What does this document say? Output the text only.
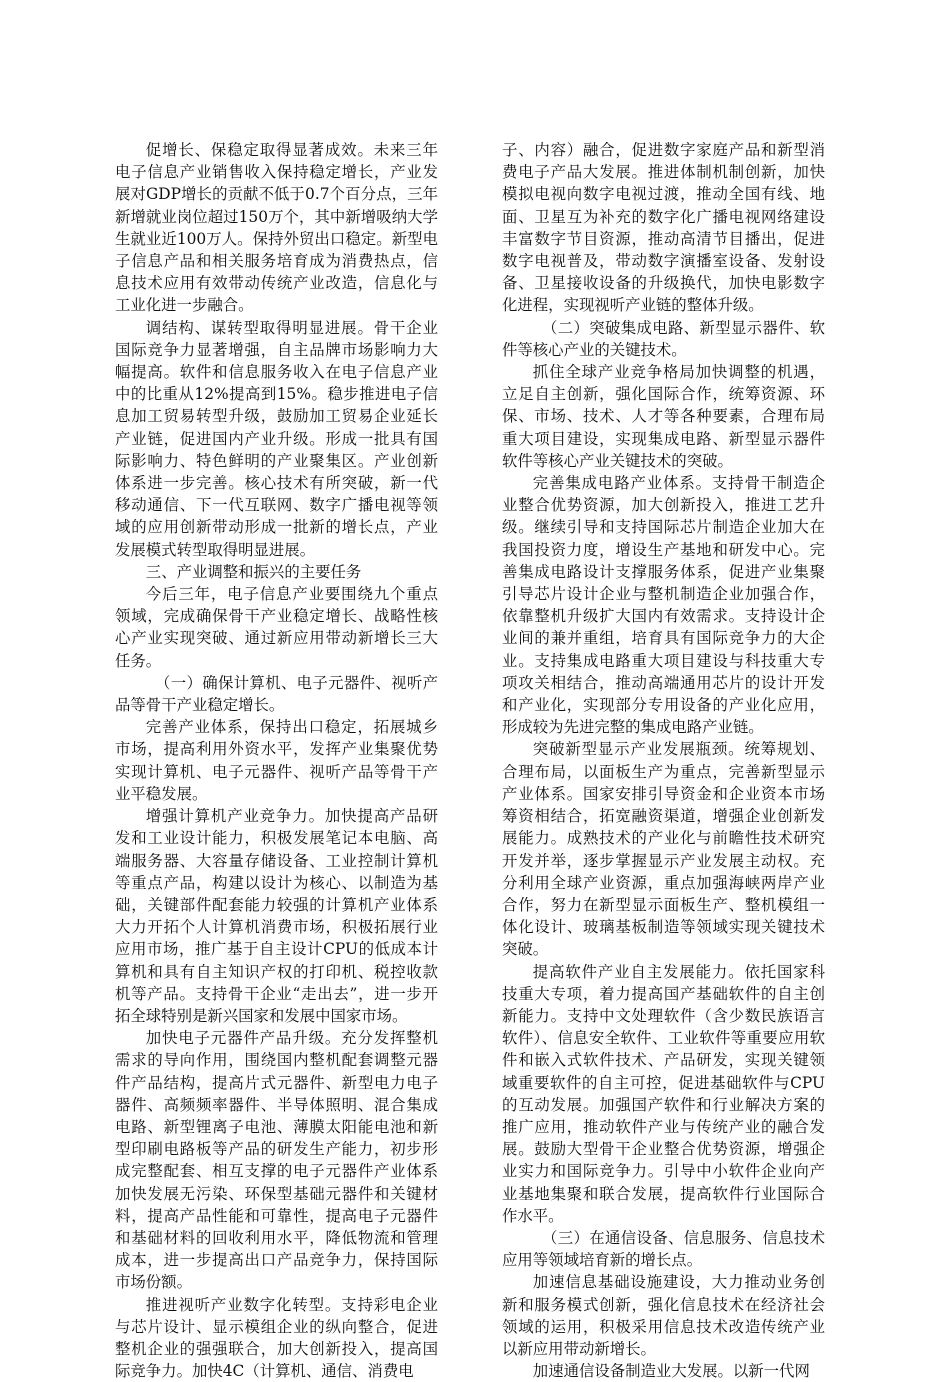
促增长、保稳定取得显著成效。未来三年电子信息产业销售收入保持稳定增长，产业发展对GDP增长的贡献不低于0.7个百分点，三年新增就业岗位超过150万个，其中新增吸纳大学生就业近100万人。保持外贸出口稳定。新型电子信息产品和相关服务培育成为消费热点，信息技术应用有效带动传统产业改造，信息化与工业化进一步融合。

调结构、谋转型取得明显进展。骨干企业国际竞争力显著增强，自主品牌市场影响力大幅提高。软件和信息服务收入在电子信息产业中的比重从12%提高到15%。稳步推进电子信息加工贸易转型升级，鼓励加工贸易企业延长产业链，促进国内产业升级。形成一批具有国际影响力、特色鲜明的产业聚集区。产业创新体系进一步完善。核心技术有所突破，新一代移动通信、下一代互联网、数字广播电视等领域的应用创新带动形成一批新的增长点，产业发展模式转型取得明显进展。

三、产业调整和振兴的主要任务

今后三年，电子信息产业要围绕九个重点领域，完成确保骨干产业稳定增长、战略性核心产业实现突破、通过新应用带动新增长三大任务。

（一）确保计算机、电子元器件、视听产品等骨干产业稳定增长。

完善产业体系，保持出口稳定，拓展城乡市场，提高利用外资水平，发挥产业集聚优势实现计算机、电子元器件、视听产品等骨干产业平稳发展。

增强计算机产业竞争力。加快提高产品研发和工业设计能力，积极发展笔记本电脑、高端服务器、大容量存储设备、工业控制计算机等重点产品，构建以设计为核心、以制造为基础，关键部件配套能力较强的计算机产业体系大力开拓个人计算机消费市场，积极拓展行业应用市场，推广基于自主设计CPU的低成本计算机和具有自主知识产权的打印机、税控收款机等产品。支持骨干企业“走出去”，进一步开拓全球特别是新兴国家和发展中国家市场。

加快电子元器件产品升级。充分发挥整机需求的导向作用，围绕国内整机配套调整元器件产品结构，提高片式元器件、新型电力电子器件、高频频率器件、半导体照明、混合集成电路、新型锂离子电池、薄膜太阳能电池和新型印刷电路板等产品的研发生产能力，初步形成完整配套、相互支撑的电子元器件产业体系加快发展无污染、环保型基础元器件和关键材料，提高产品性能和可靠性，提高电子元器件和基础材料的回收利用水平，降低物流和管理成本，进一步提高出口产品竞争力，保持国际市场份额。

推进视听产业数字化转型。支持彩电企业与芯片设计、显示模组企业的纵向整合，促进整机企业的强强联合，加大创新投入，提高国际竞争力。加快4C（计算机、通信、消费电

子、内容）融合，促进数字家庭产品和新型消费电子产品大发展。推进体制机制创新，加快模拟电视向数字电视过渡，推动全国有线、地面、卫星互为补充的数字化广播电视网络建设丰富数字节目资源，推动高清节目播出，促进数字电视普及，带动数字演播室设备、发射设备、卫星接收设备的升级换代，加快电影数字化进程，实现视听产业链的整体升级。

（二）突破集成电路、新型显示器件、软件等核心产业的关键技术。

抓住全球产业竞争格局加快调整的机遇，立足自主创新，强化国际合作，统筹资源、环保、市场、技术、人才等各种要素，合理布局重大项目建设，实现集成电路、新型显示器件软件等核心产业关键技术的突破。

完善集成电路产业体系。支持骨干制造企业整合优势资源，加大创新投入，推进工艺升级。继续引导和支持国际芯片制造企业加大在我国投资力度，增设生产基地和研发中心。完善集成电路设计支撑服务体系，促进产业集聚引导芯片设计企业与整机制造企业加强合作，依靠整机升级扩大国内有效需求。支持设计企业间的兼并重组，培育具有国际竞争力的大企业。支持集成电路重大项目建设与科技重大专项攻关相结合，推动高端通用芯片的设计开发和产业化，实现部分专用设备的产业化应用，形成较为先进完整的集成电路产业链。

突破新型显示产业发展瓶颈。统筹规划、合理布局，以面板生产为重点，完善新型显示产业体系。国家安排引导资金和企业资本市场筹资相结合，拓宽融资渠道，增强企业创新发展能力。成熟技术的产业化与前瞻性技术研究开发并举，逐步掌握显示产业发展主动权。充分利用全球产业资源，重点加强海峡两岸产业合作，努力在新型显示面板生产、整机模组一体化设计、玻璃基板制造等领域实现关键技术突破。

提高软件产业自主发展能力。依托国家科技重大专项，着力提高国产基础软件的自主创新能力。支持中文处理软件（含少数民族语言软件）、信息安全软件、工业软件等重要应用软件和嵌入式软件技术、产品研发，实现关键领域重要软件的自主可控，促进基础软件与CPU的互动发展。加强国产软件和行业解决方案的推广应用，推动软件产业与传统产业的融合发展。鼓励大型骨干企业整合优势资源，增强企业实力和国际竞争力。引导中小软件企业向产业基地集聚和联合发展，提高软件行业国际合作水平。

（三）在通信设备、信息服务、信息技术应用等领域培育新的增长点。

加速信息基础设施建设，大力推动业务创新和服务模式创新，强化信息技术在经济社会领域的运用，积极采用信息技术改造传统产业以新应用带动新增长。

加速通信设备制造业大发展。以新一代网
